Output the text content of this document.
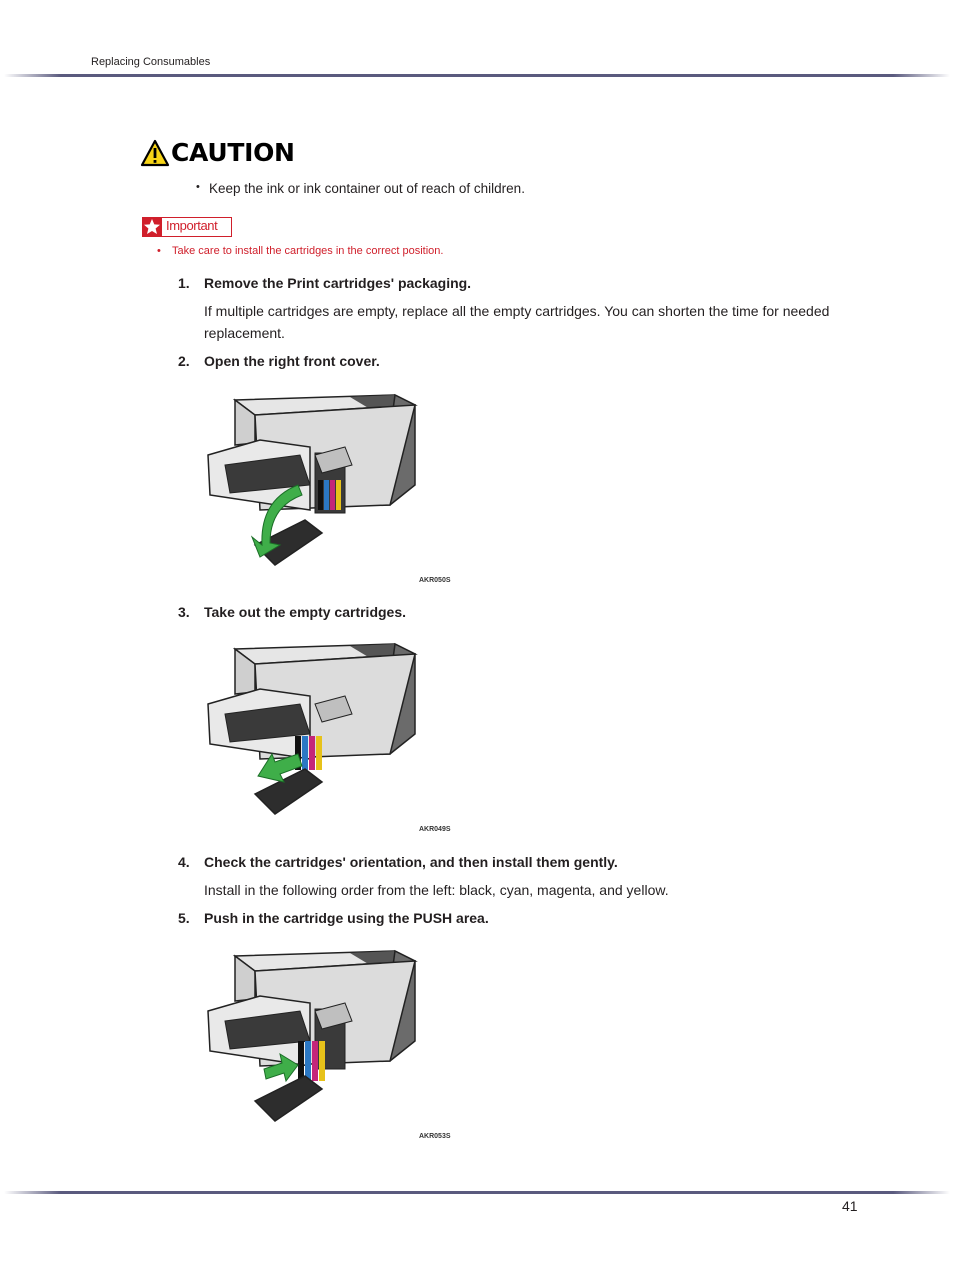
Replacing Consumables
CAUTION
• Keep the ink or ink container out of reach of children.
Important
• Take care to install the cartridges in the correct position.
1. Remove the Print cartridges' packaging.
If multiple cartridges are empty, replace all the empty cartridges. You can shorten the time for needed replacement.
2. Open the right front cover.
AKR050S
3. Take out the empty cartridges.
AKR049S
4. Check the cartridges' orientation, and then install them gently.
Install in the following order from the left: black, cyan, magenta, and yellow.
5. Push in the cartridge using the PUSH area.
AKR053S
41
